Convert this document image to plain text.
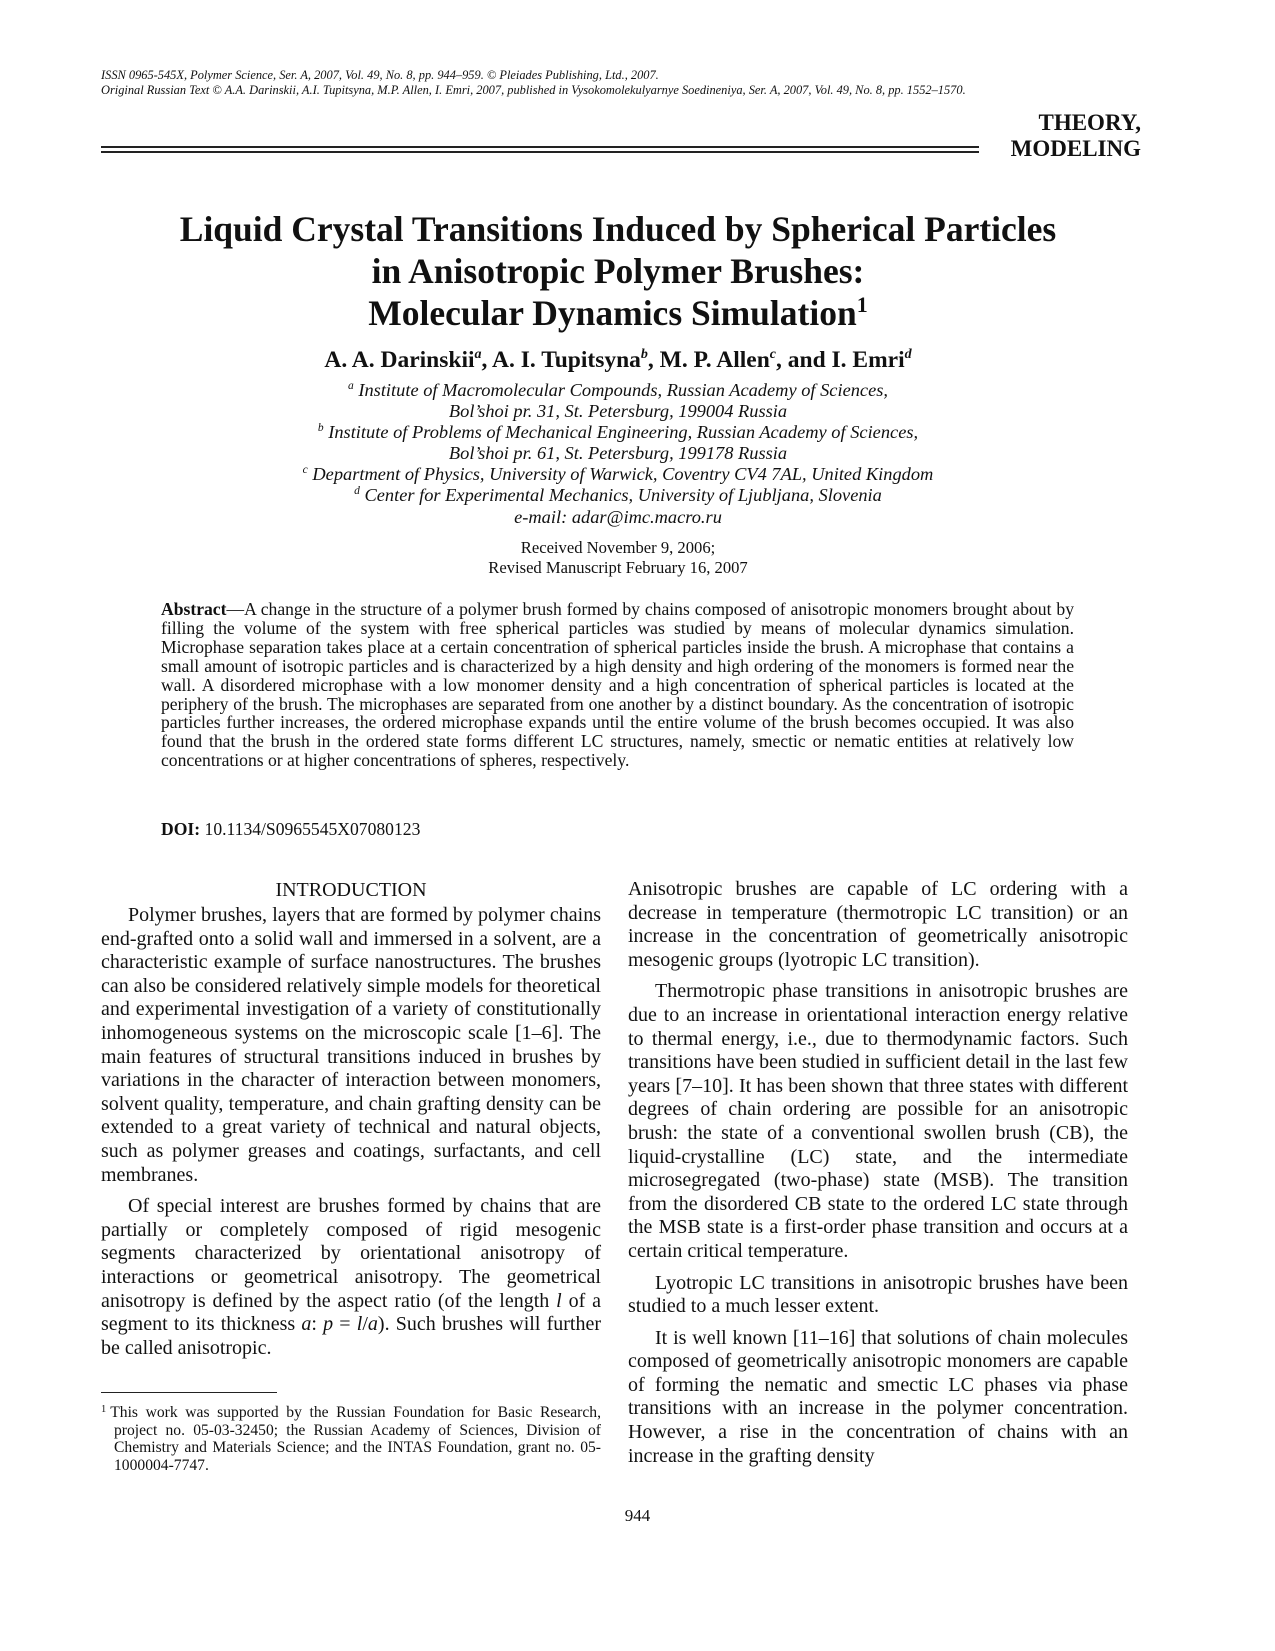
ISSN 0965-545X, Polymer Science, Ser. A, 2007, Vol. 49, No. 8, pp. 944–959. © Pleiades Publishing, Ltd., 2007.
Original Russian Text © A.A. Darinskii, A.I. Tupitsyna, M.P. Allen, I. Emri, 2007, published in Vysokomolekulyarnye Soedineniya, Ser. A, 2007, Vol. 49, No. 8, pp. 1552–1570.
THEORY,
MODELING
Liquid Crystal Transitions Induced by Spherical Particles
in Anisotropic Polymer Brushes:
Molecular Dynamics Simulation$^1$
A. A. Darinskii$^a$, A. I. Tupitsyna$^b$, M. P. Allen$^c$, and I. Emri$^d$
$^a$ Institute of Macromolecular Compounds, Russian Academy of Sciences,
Bol’shoi pr. 31, St. Petersburg, 199004 Russia
$^b$ Institute of Problems of Mechanical Engineering, Russian Academy of Sciences,
Bol’shoi pr. 61, St. Petersburg, 199178 Russia
$^c$ Department of Physics, University of Warwick, Coventry CV4 7AL, United Kingdom
$^d$ Center for Experimental Mechanics, University of Ljubljana, Slovenia
e-mail: adar@imc.macro.ru
Received November 9, 2006;
Revised Manuscript February 16, 2007
Abstract—A change in the structure of a polymer brush formed by chains composed of anisotropic monomers brought about by filling the volume of the system with free spherical particles was studied by means of molecular dynamics simulation. Microphase separation takes place at a certain concentration of spherical particles inside the brush. A microphase that contains a small amount of isotropic particles and is characterized by a high density and high ordering of the monomers is formed near the wall. A disordered microphase with a low monomer density and a high concentration of spherical particles is located at the periphery of the brush. The microphases are separated from one another by a distinct boundary. As the concentration of isotropic particles further increases, the ordered microphase expands until the entire volume of the brush becomes occupied. It was also found that the brush in the ordered state forms different LC structures, namely, smectic or nematic entities at relatively low concentrations or at higher concentrations of spheres, respectively.
DOI: 10.1134/S0965545X07080123
INTRODUCTION

Polymer brushes, layers that are formed by polymer chains end-grafted onto a solid wall and immersed in a solvent, are a characteristic example of surface nanostructures. The brushes can also be considered relatively simple models for theoretical and experimental investigation of a variety of constitutionally inhomogeneous systems on the microscopic scale [1–6]. The main features of structural transitions induced in brushes by variations in the character of interaction between monomers, solvent quality, temperature, and chain grafting density can be extended to a great variety of technical and natural objects, such as polymer greases and coatings, surfactants, and cell membranes.

Of special interest are brushes formed by chains that are partially or completely composed of rigid mesogenic segments characterized by orientational anisotropy of interactions or geometrical anisotropy. The geometrical anisotropy is defined by the aspect ratio (of the length l of a segment to its thickness a: p = l/a). Such brushes will further be called anisotropic.

Anisotropic brushes are capable of LC ordering with a decrease in temperature (thermotropic LC transition) or an increase in the concentration of geometrically anisotropic mesogenic groups (lyotropic LC transition).

Thermotropic phase transitions in anisotropic brushes are due to an increase in orientational interaction energy relative to thermal energy, i.e., due to thermodynamic factors. Such transitions have been studied in sufficient detail in the last few years [7–10]. It has been shown that three states with different degrees of chain ordering are possible for an anisotropic brush: the state of a conventional swollen brush (CB), the liquid-crystalline (LC) state, and the intermediate microsegregated (two-phase) state (MSB). The transition from the disordered CB state to the ordered LC state through the MSB state is a first-order phase transition and occurs at a certain critical temperature.

Lyotropic LC transitions in anisotropic brushes have been studied to a much lesser extent.

It is well known [11–16] that solutions of chain molecules composed of geometrically anisotropic monomers are capable of forming the nematic and smectic LC phases via phase transitions with an increase in the polymer concentration. However, a rise in the concentration of chains with an increase in the grafting density

$^1$ This work was supported by the Russian Foundation for Basic Research, project no. 05-03-32450; the Russian Academy of Sciences, Division of Chemistry and Materials Science; and the INTAS Foundation, grant no. 05-1000004-7747.
944
